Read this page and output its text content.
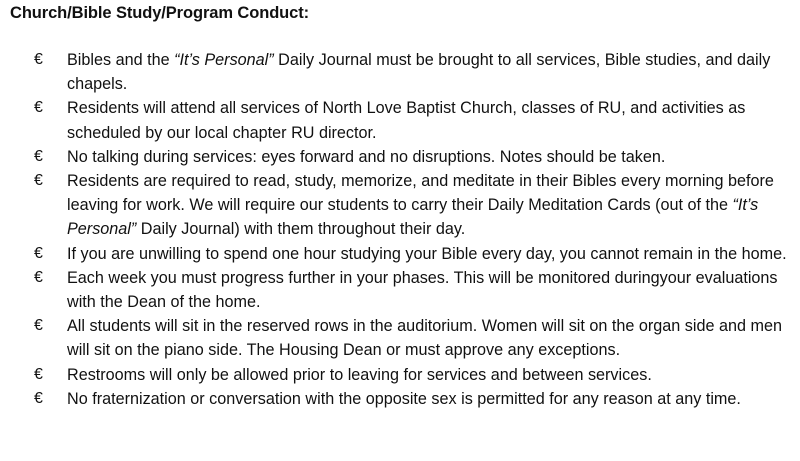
Church/Bible Study/Program Conduct:
€ Bibles and the “It’s Personal” Daily Journal must be brought to all services, Bible studies, and daily chapels.
€ Residents will attend all services of North Love Baptist Church, classes of RU, and activities as scheduled by our local chapter RU director.
€ No talking during services: eyes forward and no disruptions. Notes should be taken.
€ Residents are required to read, study, memorize, and meditate in their Bibles every morning before leaving for work. We will require our students to carry their Daily Meditation Cards (out of the “It’s Personal” Daily Journal) with them throughout their day.
€ If you are unwilling to spend one hour studying your Bible every day, you cannot remain in the home.
€ Each week you must progress further in your phases. This will be monitored duringyour evaluations with the Dean of the home.
€ All students will sit in the reserved rows in the auditorium. Women will sit on the organ side and men will sit on the piano side. The Housing Dean or must approve any exceptions.
€ Restrooms will only be allowed prior to leaving for services and between services.
€ No fraternization or conversation with the opposite sex is permitted for any reason at any time.
